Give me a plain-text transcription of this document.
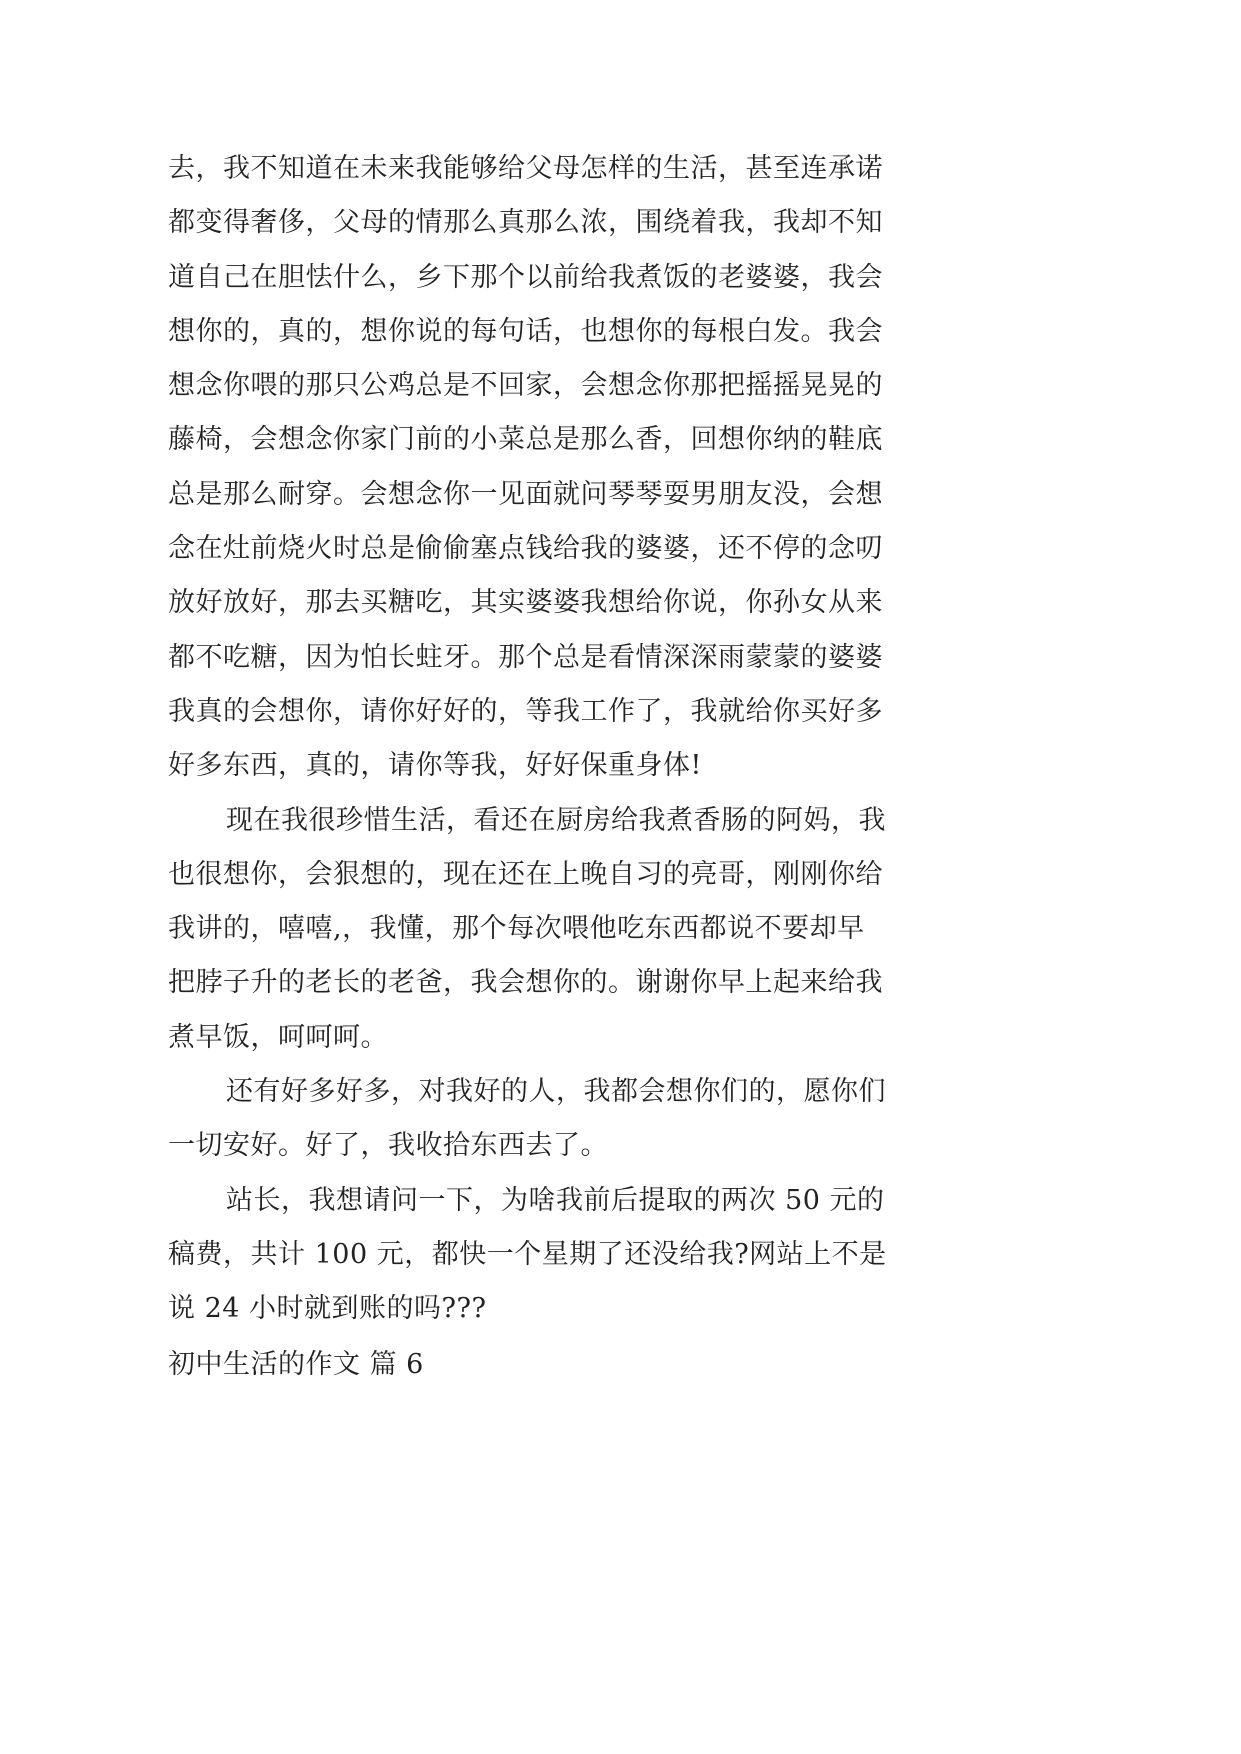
去，我不知道在未来我能够给父母怎样的生活，甚至连承诺
都变得奢侈，父母的情那么真那么浓，围绕着我，我却不知
道自己在胆怯什么，乡下那个以前给我煮饭的老婆婆，我会
想你的，真的，想你说的每句话，也想你的每根白发。我会
想念你喂的那只公鸡总是不回家，会想念你那把摇摇晃晃的
藤椅，会想念你家门前的小菜总是那么香，回想你纳的鞋底
总是那么耐穿。会想念你一见面就问琴琴耍男朋友没，会想
念在灶前烧火时总是偷偷塞点钱给我的婆婆，还不停的念叨
放好放好，那去买糖吃，其实婆婆我想给你说，你孙女从来
都不吃糖，因为怕长蛀牙。那个总是看情深深雨蒙蒙的婆婆
我真的会想你，请你好好的，等我工作了，我就给你买好多
好多东西，真的，请你等我，好好保重身体!
现在我很珍惜生活，看还在厨房给我煮香肠的阿妈，我
也很想你，会狠想的，现在还在上晚自习的亮哥，刚刚你给
我讲的，嘻嘻,，我懂，那个每次喂他吃东西都说不要却早
把脖子升的老长的老爸，我会想你的。谢谢你早上起来给我
煮早饭，呵呵呵。
还有好多好多，对我好的人，我都会想你们的，愿你们
一切安好。好了，我收拾东西去了。
站长，我想请问一下，为啥我前后提取的两次 50 元的
稿费，共计 100 元，都快一个星期了还没给我?网站上不是
说 24 小时就到账的吗???
初中生活的作文 篇 6
